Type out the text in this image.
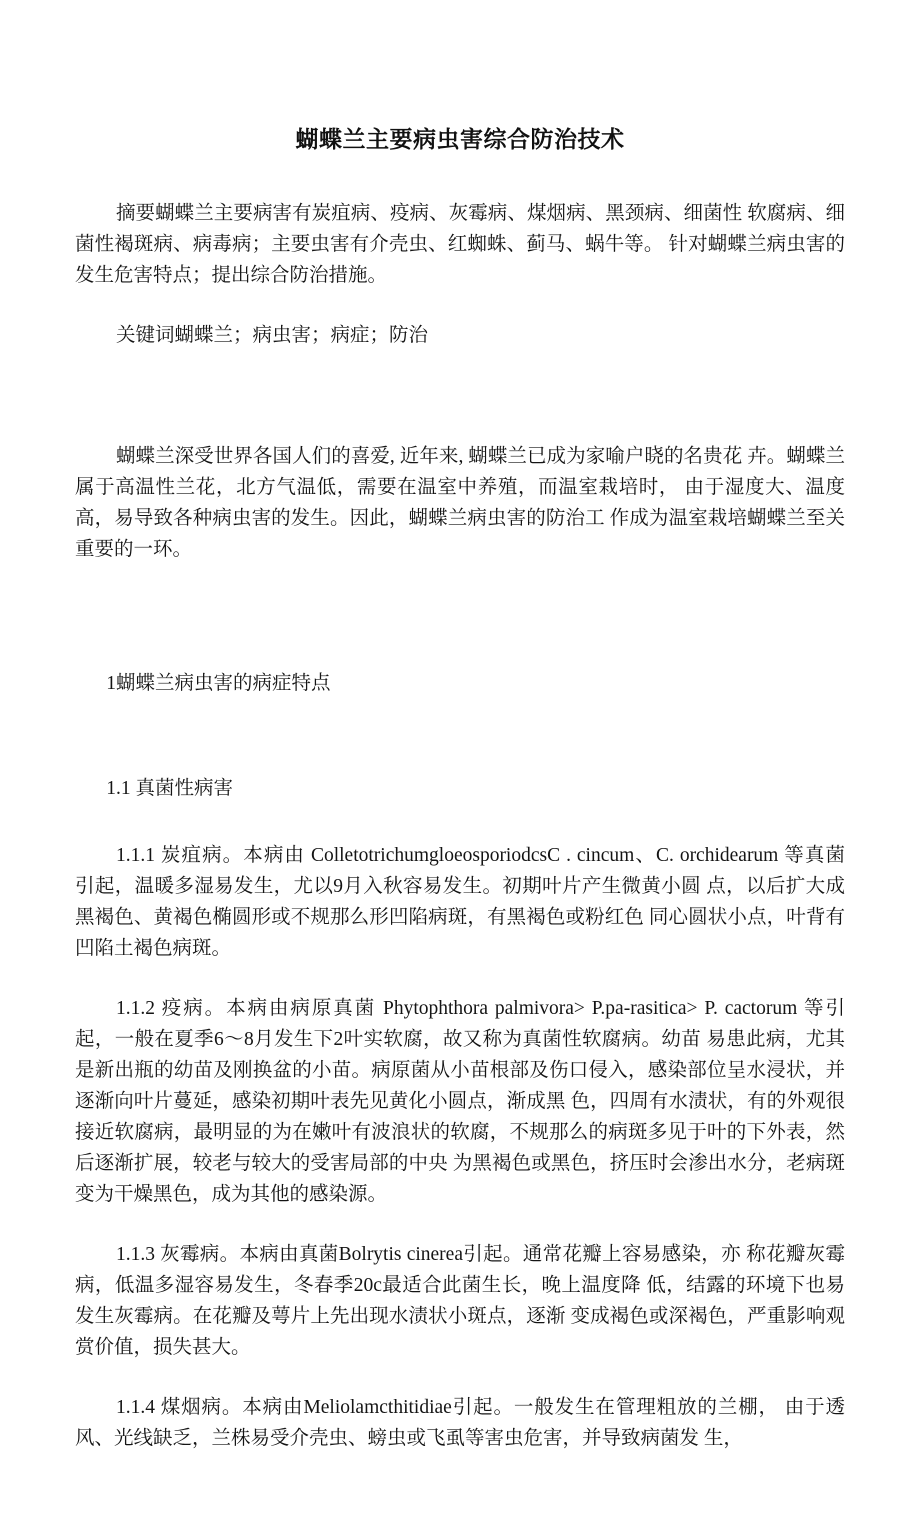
蝴蝶兰主要病虫害综合防治技术

摘要蝴蝶兰主要病害有炭疽病、疫病、灰霉病、煤烟病、黑颈病、细菌性 软腐病、细菌性褐斑病、病毒病；主要虫害有介壳虫、红蜘蛛、蓟马、蜗牛等。 针对蝴蝶兰病虫害的发生危害特点；提出综合防治措施。

关键词蝴蝶兰；病虫害；病症；防治

蝴蝶兰深受世界各国人们的喜爱, 近年来, 蝴蝶兰已成为家喻户晓的名贵花 卉。蝴蝶兰属于高温性兰花，北方气温低，需要在温室中养殖，而温室栽培时， 由于湿度大、温度高，易导致各种病虫害的发生。因此，蝴蝶兰病虫害的防治工 作成为温室栽培蝴蝶兰至关重要的一环。

1蝴蝶兰病虫害的病症特点

1.1 真菌性病害

1.1.1 炭疽病。本病由 ColletotrichumgloeosporiodcsC . cincum、C. orchidearum 等真菌引起，温暖多湿易发生，尤以9月入秋容易发生。初期叶片产生微黄小圆 点，以后扩大成黑褐色、黄褐色椭圆形或不规那么形凹陷病斑，有黑褐色或粉红色 同心圆状小点，叶背有凹陷土褐色病斑。

1.1.2 疫病。本病由病原真菌 Phytophthora palmivora> P.pa-rasitica> P. cactorum 等引起，一般在夏季6〜8月发生下2叶实软腐，故又称为真菌性软腐病。幼苗 易患此病，尤其是新出瓶的幼苗及刚换盆的小苗。病原菌从小苗根部及伤口侵入，感染部位呈水浸状，并逐渐向叶片蔓延，感染初期叶表先见黄化小圆点，渐成黑 色，四周有水渍状，有的外观很接近软腐病，最明显的为在嫩叶有波浪状的软腐，不规那么的病斑多见于叶的下外表，然后逐渐扩展，较老与较大的受害局部的中央 为黑褐色或黑色，挤压时会渗出水分，老病斑变为干燥黑色，成为其他的感染源。

1.1.3 灰霉病。本病由真菌Bolrytis cinerea引起。通常花瓣上容易感染，亦 称花瓣灰霉病，低温多湿容易发生，冬春季20c最适合此菌生长，晚上温度降 低，结露的环境下也易发生灰霉病。在花瓣及萼片上先出现水渍状小斑点，逐渐 变成褐色或深褐色，严重影响观赏价值，损失甚大。

1.1.4 煤烟病。本病由Meliolamcthitidiae引起。一般发生在管理粗放的兰棚， 由于透风、光线缺乏，兰株易受介壳虫、螃虫或飞虱等害虫危害，并导致病菌发 生，
